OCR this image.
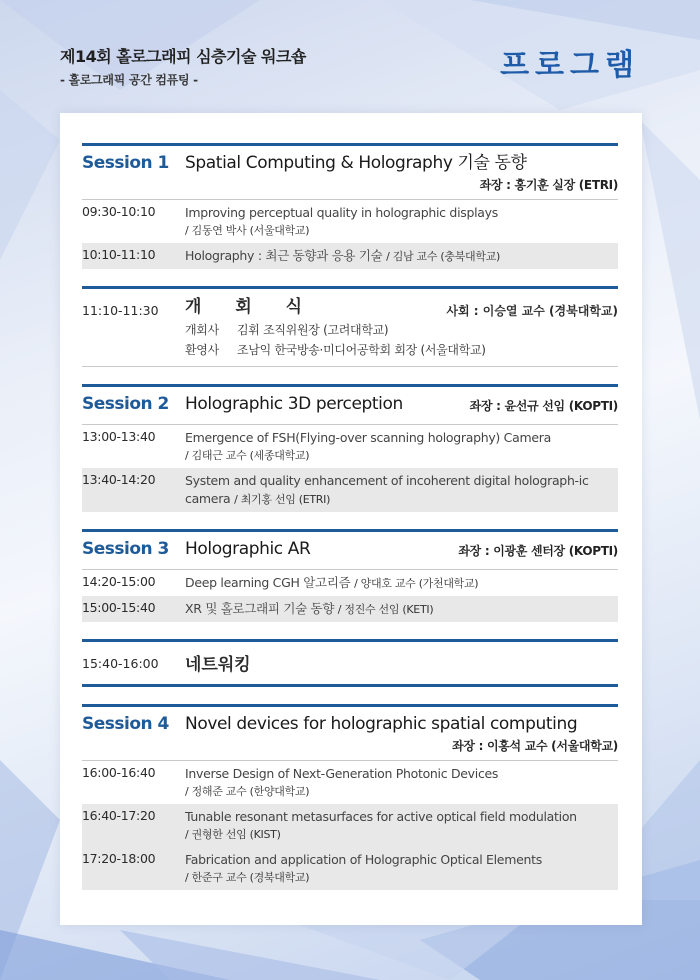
제14회 홀로그래피 심층기술 워크숍
- 홀로그래픽 공간 컴퓨팅 -	프로그램
Session 1 Spatial Computing & Holography 기술 동향
좌장 : 홍기훈 실장 (ETRI)
09:30-10:10	Improving perceptual quality in holographic displays
/ 김동연 박사 (서울대학교)
10:10-11:10	Holography : 최근 동향과 응용 기술 / 김남 교수 (충북대학교)
11:10-11:30 개 회 식	사회 : 이승열 교수 (경북대학교)
개회사 김휘 조직위원장 (고려대학교)
환영사 조남익 한국방송·미디어공학회 회장 (서울대학교)
Session 2 Holographic 3D perception	좌장 : 윤선규 선임 (KOPTI)
13:00-13:40	Emergence of FSH(Flying-over scanning holography) Camera
/ 김태근 교수 (세종대학교)
13:40-14:20	System and quality enhancement of incoherent digital holograph-ic camera / 최기홍 선임 (ETRI)
Session 3 Holographic AR	좌장 : 이광훈 센터장 (KOPTI)
14:20-15:00	Deep learning CGH 알고리즘 / 양대호 교수 (가천대학교)
15:00-15:40	XR 및 홀로그래피 기술 동향 / 정진수 선임 (KETI)
15:40-16:00 네트워킹
Session 4 Novel devices for holographic spatial computing
좌장 : 이홍석 교수 (서울대학교)
16:00-16:40	Inverse Design of Next-Generation Photonic Devices
/ 정해준 교수 (한양대학교)
16:40-17:20	Tunable resonant metasurfaces for active optical field modulation
/ 권형한 선임 (KIST)
17:20-18:00	Fabrication and application of Holographic Optical Elements
/ 한준구 교수 (경북대학교)
